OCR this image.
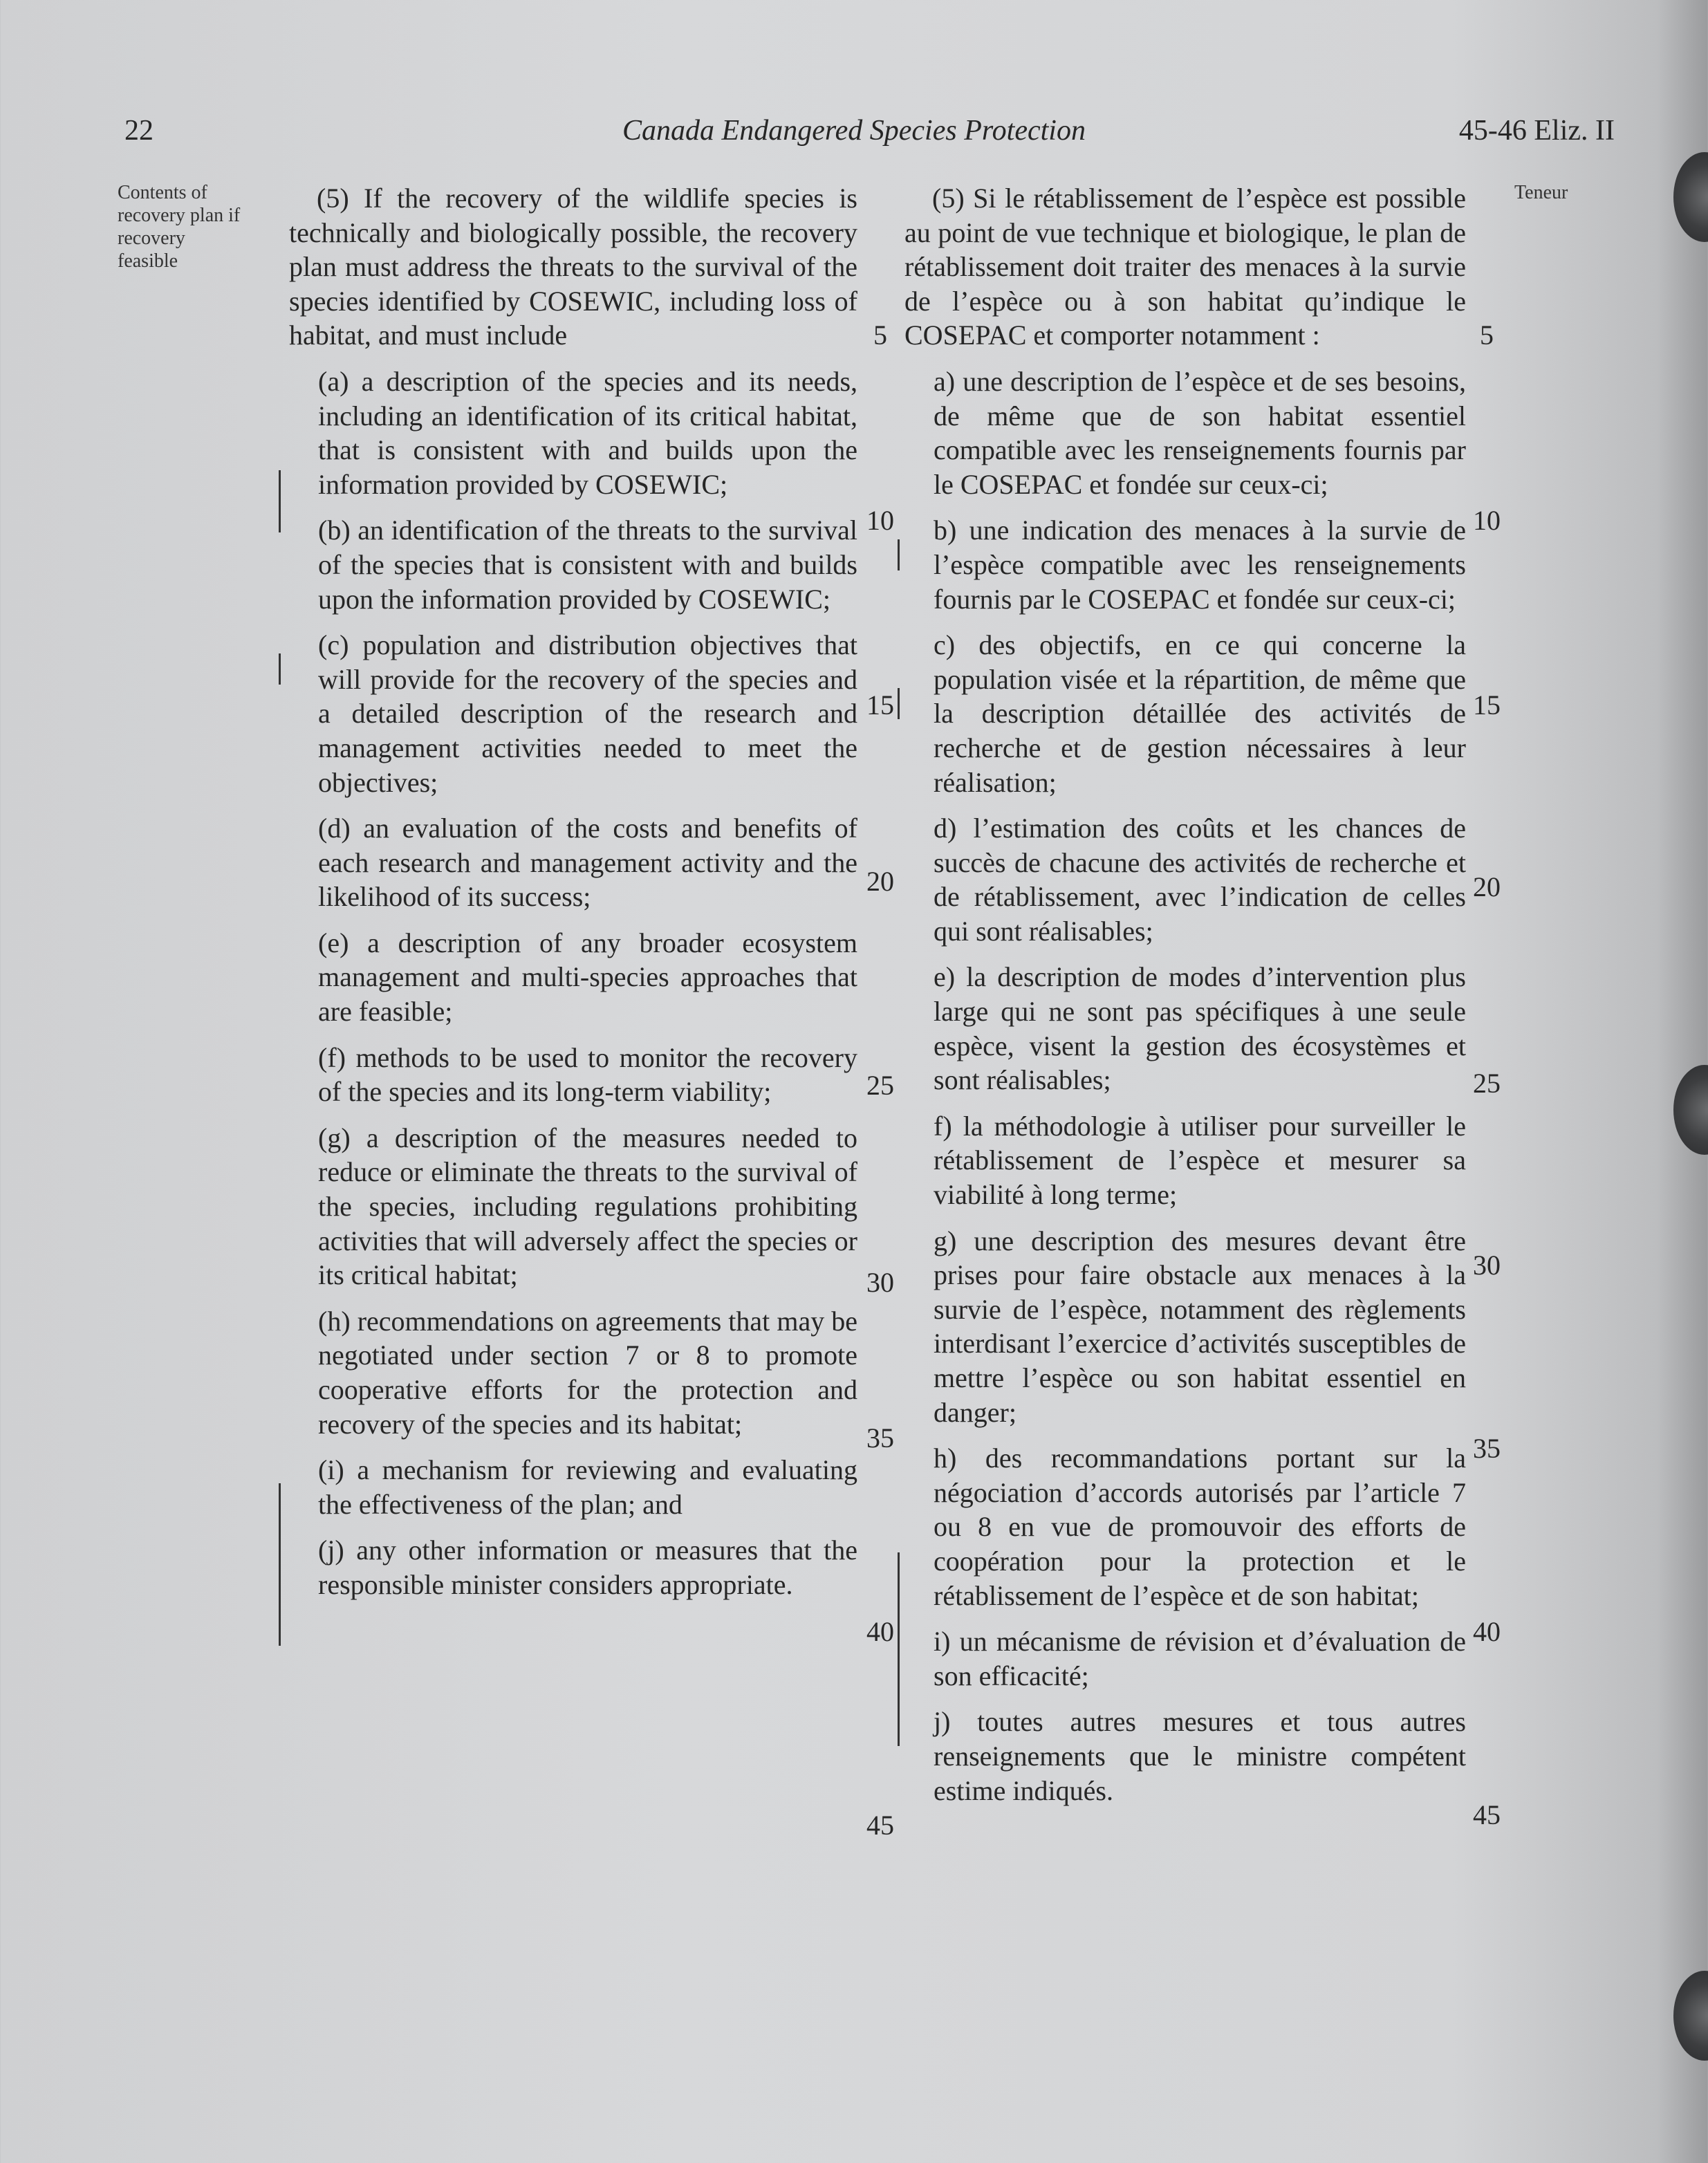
22	Canada Endangered Species Protection	45-46 Eliz. II
Contents of recovery plan if recovery feasible
Teneur

(5) If the recovery of the wildlife species is technically and biologically possible, the recovery plan must address the threats to the survival of the species identified by COSEWIC, including loss of habitat, and must include

(a) a description of the species and its needs, including an identification of its critical habitat, that is consistent with and builds upon the information provided by COSEWIC;

(b) an identification of the threats to the survival of the species that is consistent with and builds upon the information provided by COSEWIC;

(c) population and distribution objectives that will provide for the recovery of the species and a detailed description of the research and management activities needed to meet the objectives;

(d) an evaluation of the costs and benefits of each research and management activity and the likelihood of its success;

(e) a description of any broader ecosystem management and multi-species approaches that are feasible;

(f) methods to be used to monitor the recovery of the species and its long-term viability;

(g) a description of the measures needed to reduce or eliminate the threats to the survival of the species, including regulations prohibiting activities that will adversely affect the species or its critical habitat;

(h) recommendations on agreements that may be negotiated under section 7 or 8 to promote cooperative efforts for the protection and recovery of the species and its habitat;

(i) a mechanism for reviewing and evaluating the effectiveness of the plan; and

(j) any other information or measures that the responsible minister considers appropriate.

(5) Si le rétablissement de l’espèce est possible au point de vue technique et biologique, le plan de rétablissement doit traiter des menaces à la survie de l’espèce ou à son habitat qu’indique le COSEPAC et comporter notamment :

a) une description de l’espèce et de ses besoins, de même que de son habitat essentiel compatible avec les renseignements fournis par le COSEPAC et fondée sur ceux-ci;

b) une indication des menaces à la survie de l’espèce compatible avec les renseignements fournis par le COSEPAC et fondée sur ceux-ci;

c) des objectifs, en ce qui concerne la population visée et la répartition, de même que la description détaillée des activités de recherche et de gestion nécessaires à leur réalisation;

d) l’estimation des coûts et les chances de succès de chacune des activités de recherche et de rétablissement, avec l’indication de celles qui sont réalisables;

e) la description de modes d’intervention plus large qui ne sont pas spécifiques à une seule espèce, visent la gestion des écosystèmes et sont réalisables;

f) la méthodologie à utiliser pour surveiller le rétablissement de l’espèce et mesurer sa viabilité à long terme;

g) une description des mesures devant être prises pour faire obstacle aux menaces à la survie de l’espèce, notamment des règlements interdisant l’exercice d’activités susceptibles de mettre l’espèce ou son habitat essentiel en danger;

h) des recommandations portant sur la négociation d’accords autorisés par l’article 7 ou 8 en vue de promouvoir des efforts de coopération pour la protection et le rétablissement de l’espèce et de son habitat;

i) un mécanisme de révision et d’évaluation de son efficacité;

j) toutes autres mesures et tous autres renseignements que le ministre compétent estime indiqués.

5
10
15
20
25
30
35
40
45
5
10
15
20
25
30
35
40
45
